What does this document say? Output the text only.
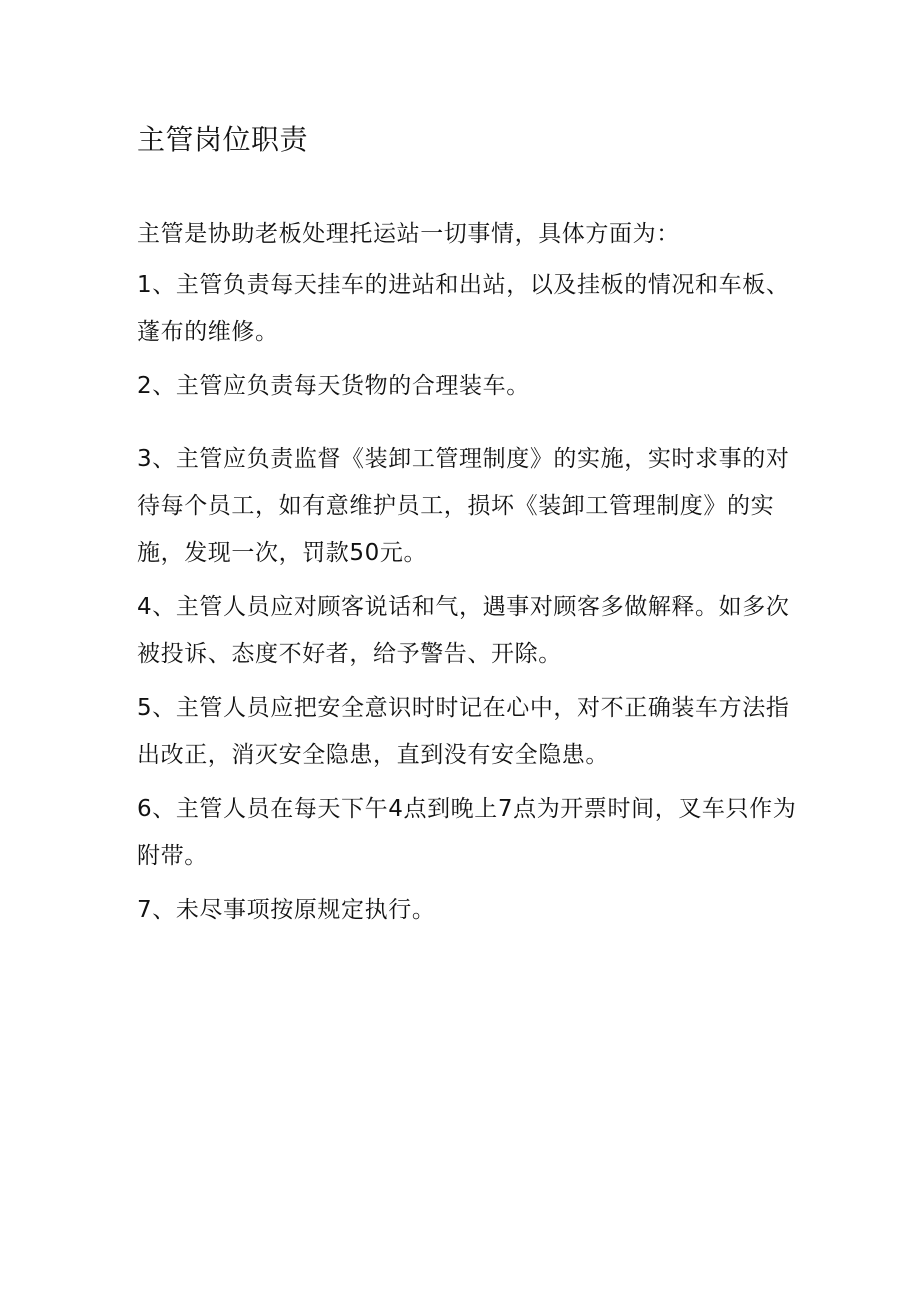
主管岗位职责

主管是协助老板处理托运站一切事情，具体方面为：

1、主管负责每天挂车的进站和出站，以及挂板的情况和车板、蓬布的维修。

2、主管应负责每天货物的合理装车。

3、主管应负责监督《装卸工管理制度》的实施，实时求事的对待每个员工，如有意维护员工，损坏《装卸工管理制度》的实施，发现一次，罚款50元。

4、主管人员应对顾客说话和气，遇事对顾客多做解释。如多次被投诉、态度不好者，给予警告、开除。

5、主管人员应把安全意识时时记在心中，对不正确装车方法指出改正，消灭安全隐患，直到没有安全隐患。

6、主管人员在每天下午4点到晚上7点为开票时间，叉车只作为附带。

7、未尽事项按原规定执行。
